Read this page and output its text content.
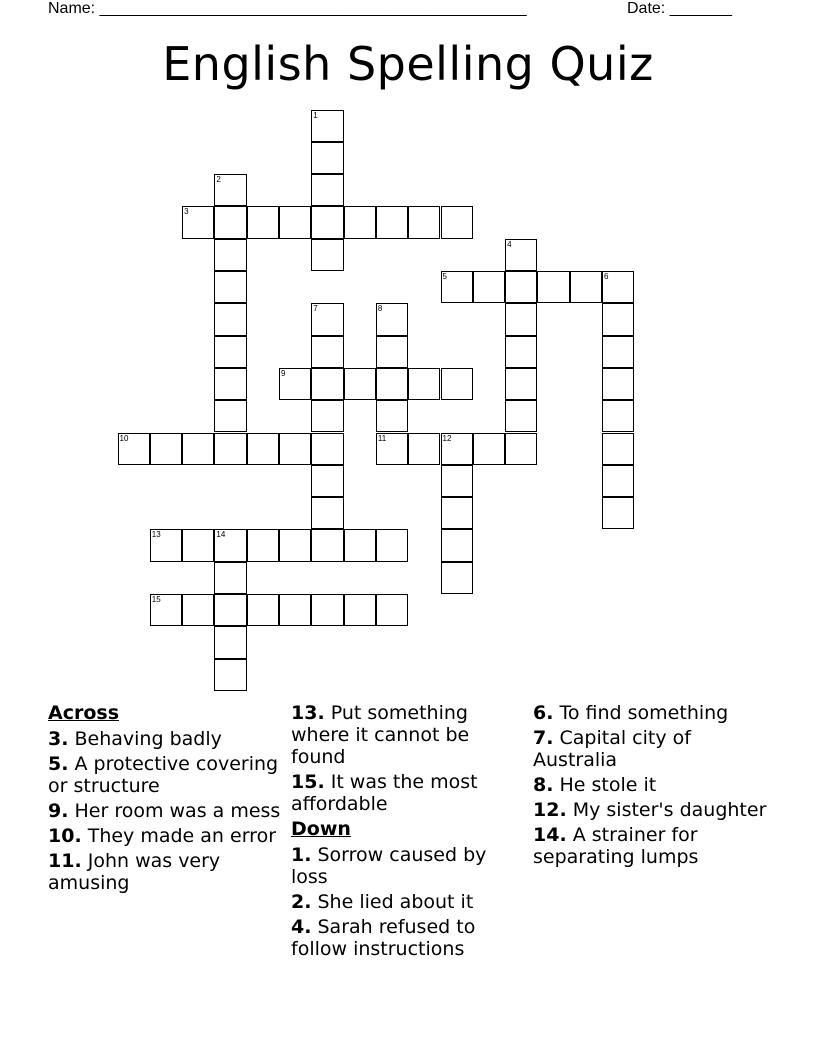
Name: ________________________________________________	Date: _______
English Spelling Quiz
1
2
3
4
5	6
7	8
11
9
10	12
13	14
15
Across
3. Behaving badly
5. A protective covering or structure
9. Her room was a mess
10. They made an error
11. John was very amusing
13. Put something where it cannot be found
15. It was the most affordable
Down
1. Sorrow caused by loss
2. She lied about it
4. Sarah refused to follow instructions
6. To find something
7. Capital city of Australia
8. He stole it
12. My sister's daughter
14. A strainer for separating lumps
